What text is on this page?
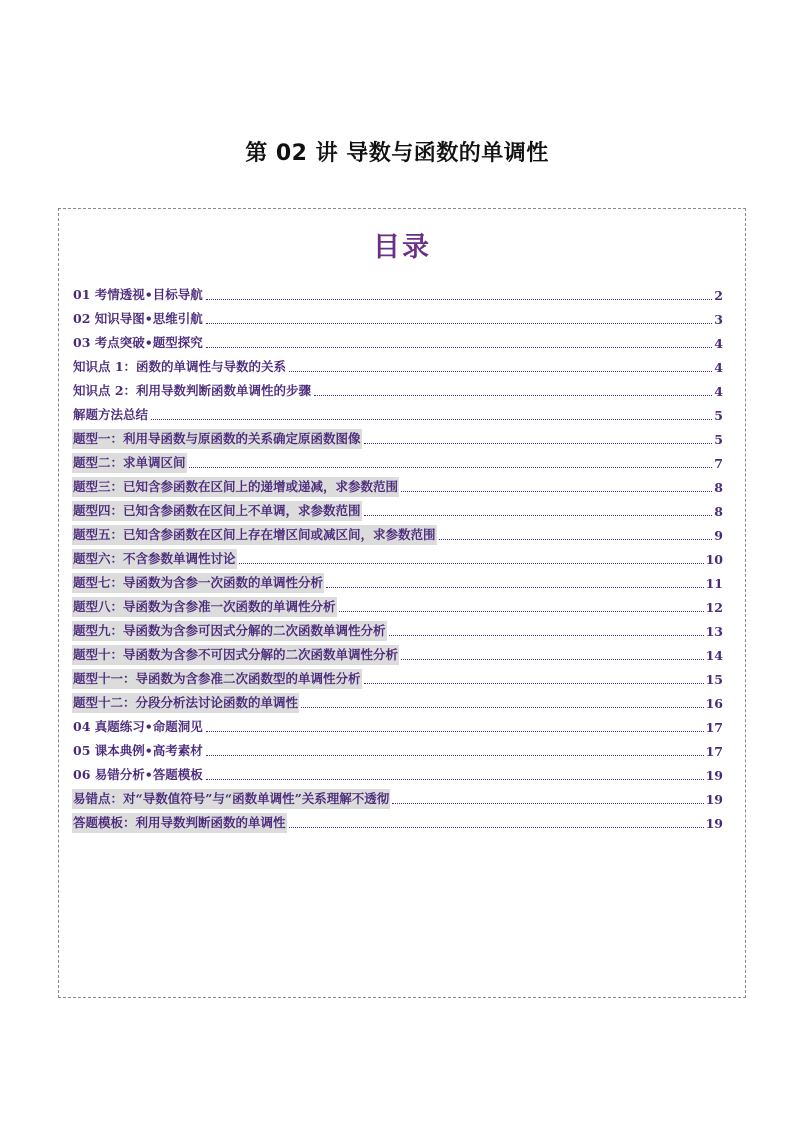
第 02 讲 导数与函数的单调性
目录
01 考情透视•目标导航	2
02 知识导图•思维引航	3
03 考点突破•题型探究	4
知识点 1：函数的单调性与导数的关系	4
知识点 2：利用导数判断函数单调性的步骤	4
解题方法总结	5
题型一：利用导函数与原函数的关系确定原函数图像	5
题型二：求单调区间	7
题型三：已知含参函数在区间上的递增或递减，求参数范围	8
题型四：已知含参函数在区间上不单调，求参数范围	8
题型五：已知含参函数在区间上存在增区间或减区间，求参数范围	9
题型六：不含参数单调性讨论	10
题型七：导函数为含参一次函数的单调性分析	11
题型八：导函数为含参准一次函数的单调性分析	12
题型九：导函数为含参可因式分解的二次函数单调性分析	13
题型十：导函数为含参不可因式分解的二次函数单调性分析	14
题型十一：导函数为含参准二次函数型的单调性分析	15
题型十二：分段分析法讨论函数的单调性	16
04 真题练习•命题洞见	17
05 课本典例•高考素材	17
06 易错分析•答题模板	19
易错点：对“导数值符号”与“函数单调性”关系理解不透彻	19
答题模板：利用导数判断函数的单调性	19
